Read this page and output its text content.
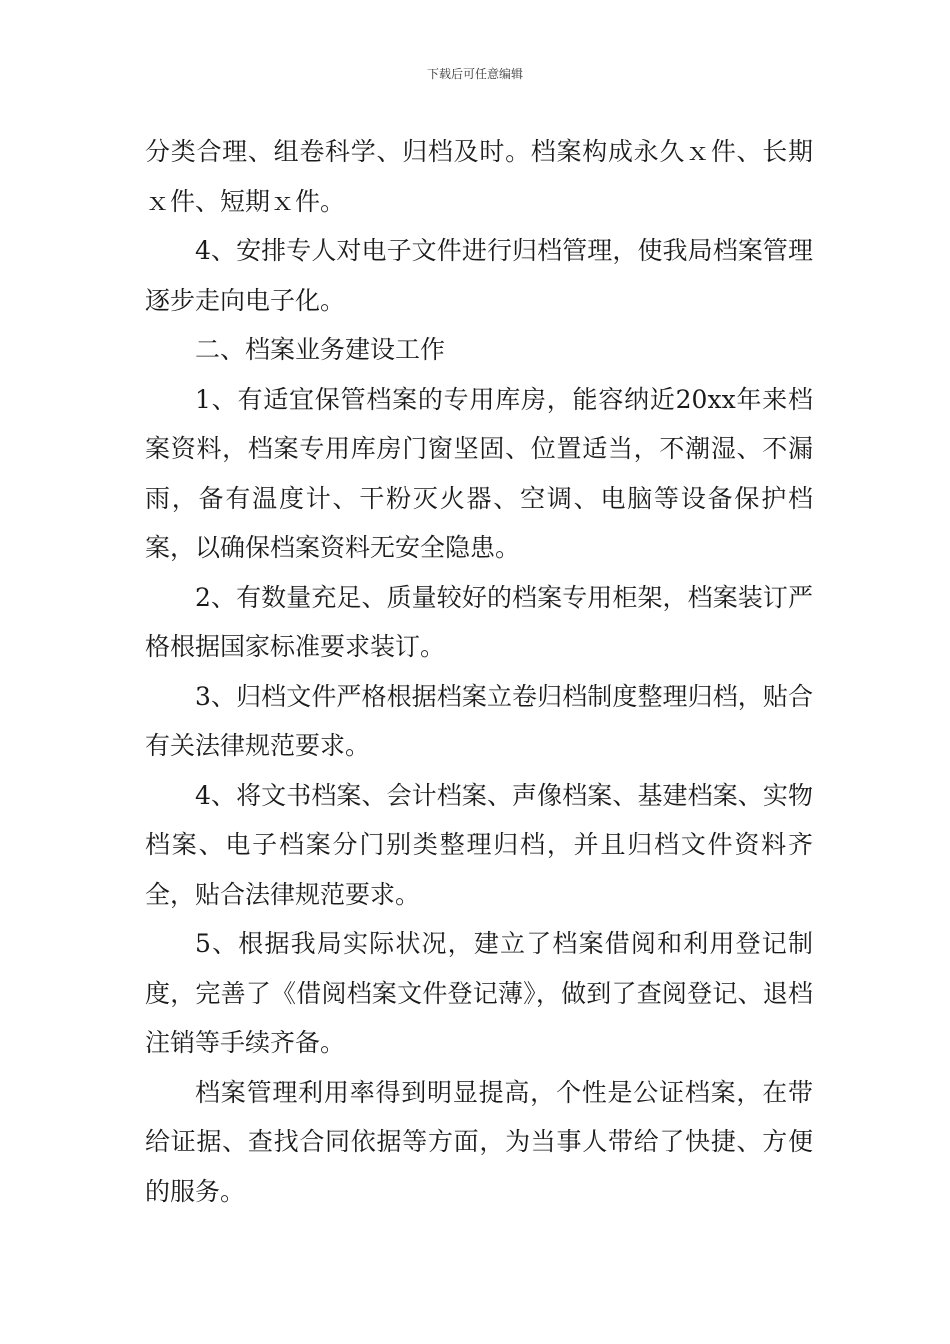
下载后可任意编辑

分类合理、组卷科学、归档及时。档案构成永久ｘ件、长期ｘ件、短期ｘ件。

4、安排专人对电子文件进行归档管理，使我局档案管理逐步走向电子化。

二、档案业务建设工作

1、有适宜保管档案的专用库房，能容纳近20xx年来档案资料，档案专用库房门窗坚固、位置适当，不潮湿、不漏雨，备有温度计、干粉灭火器、空调、电脑等设备保护档案，以确保档案资料无安全隐患。

2、有数量充足、质量较好的档案专用柜架，档案装订严格根据国家标准要求装订。

3、归档文件严格根据档案立卷归档制度整理归档，贴合有关法律规范要求。

4、将文书档案、会计档案、声像档案、基建档案、实物档案、电子档案分门别类整理归档，并且归档文件资料齐全，贴合法律规范要求。

5、根据我局实际状况，建立了档案借阅和利用登记制度，完善了《借阅档案文件登记薄》，做到了查阅登记、退档注销等手续齐备。

档案管理利用率得到明显提高，个性是公证档案，在带给证据、查找合同依据等方面，为当事人带给了快捷、方便的服务。
